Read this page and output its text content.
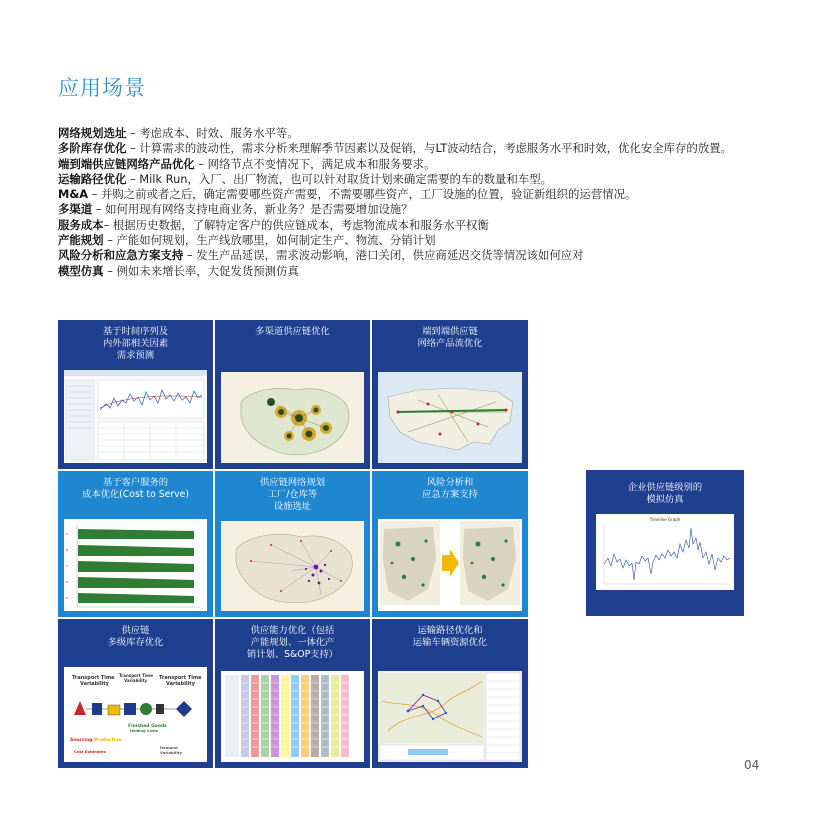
应用场景
网络规划选址 – 考虑成本、时效、服务水平等。
多阶库存优化 – 计算需求的波动性，需求分析来理解季节因素以及促销，与LT波动结合，考虑服务水平和时效，优化安全库存的放置。
端到端供应链网络产品优化 – 网络节点不变情况下，满足成本和服务要求。
运输路径优化 – Milk Run，入厂、出厂物流，也可以针对取货计划来确定需要的车的数量和车型。
M&A – 并购之前或者之后，确定需要哪些资产需要，不需要哪些资产，工厂设施的位置，验证新组织的运营情况。
多渠道 – 如何用现有网络支持电商业务，新业务？是否需要增加设施？
服务成本– 根据历史数据，了解特定客户的供应链成本，考虑物流成本和服务水平权衡
产能规划 – 产能如何规划，生产线放哪里，如何制定生产、物流、分销计划
风险分析和应急方案支持 – 发生产品延误，需求波动影响，港口关闭，供应商延迟交货等情况该如何应对
模型仿真 – 例如未来增长率，大促发货预测仿真
基于时间序列及
内外部相关因素
需求预测
多渠道供应链优化	端到端供应链
网络产品流优化
基于客户服务的
成本优化(Cost to Serve)
A
B
C
D
E
供应链网络规划
工厂/仓库等
设施选址
风险分析和
应急方案支持
供应链
多级库存优化
Transport Time
Variability
Transport Time
Variability Transport Time
Variability
Finished Goods
Holding Costs
Sourcing Production
Demand
Variability
Cost Estimates
供应能力优化（包括
产能规划、一体化产
销计划、S&OP支持）
运输路径优化和
运输车辆资源优化
企业供应链级别的
模拟仿真
Timeline Graph
04
